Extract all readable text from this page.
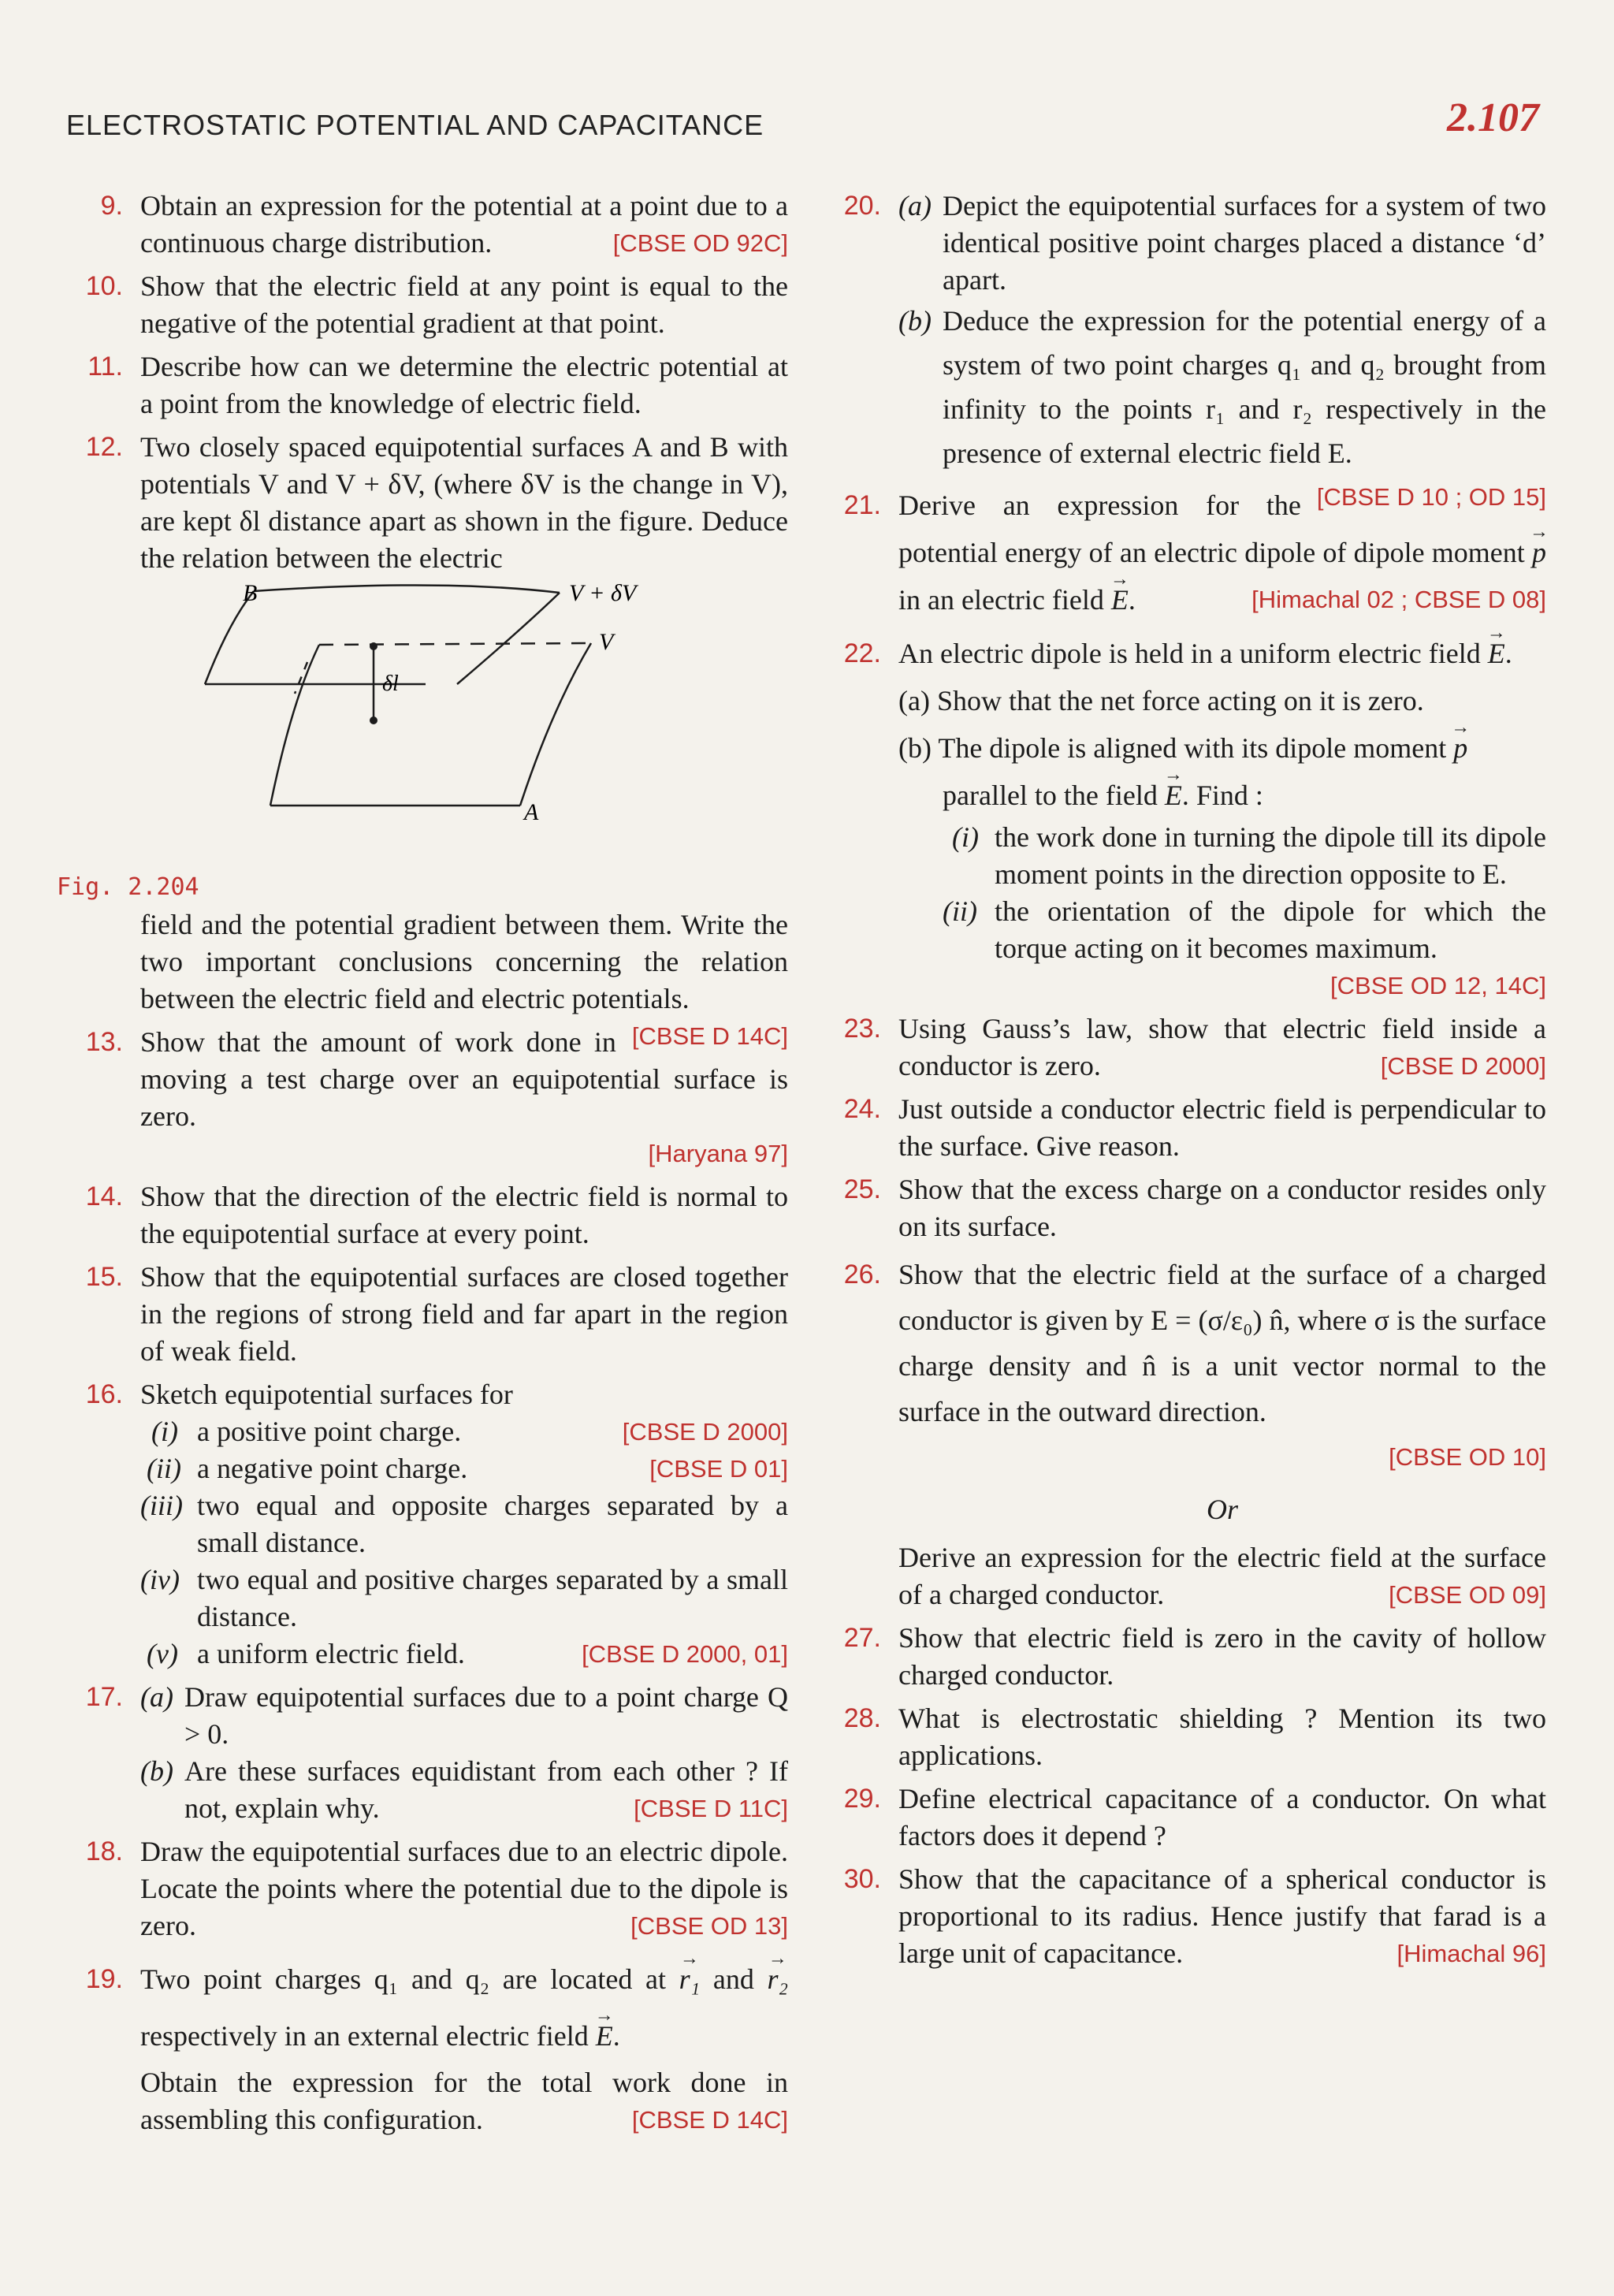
ELECTROSTATIC POTENTIAL AND CAPACITANCE	2.107
9. Obtain an expression for the potential at a point due to a continuous charge distribution.	[CBSE OD 92C]
10. Show that the electric field at any point is equal to the negative of the potential gradient at that point.
11. Describe how can we determine the electric potential at a point from the knowledge of electric field.
12. Two closely spaced equipotential surfaces A and B with potentials V and V + δV, (where δV is the change in V), are kept δl distance apart as shown in the figure. Deduce the relation between the electric
B
A
V + δV
V
δl
Fig. 2.204
field and the potential gradient between them. Write the two important conclusions concerning the relation between the electric field and electric potentials.
[CBSE D 14C]
13. Show that the amount of work done in moving a test charge over an equipotential surface is zero.
[Haryana 97]
14. Show that the direction of the electric field is normal to the equipotential surface at every point.
15. Show that the equipotential surfaces are closed together in the regions of strong field and far apart in the region of weak field.
16. Sketch equipotential surfaces for
(i) a positive point charge.	[CBSE D 2000]
(ii) a negative point charge.	[CBSE D 01]
(iii) two equal and opposite charges separated by a small distance.
(iv) two equal and positive charges separated by a small distance.
(v) a uniform electric field.	[CBSE D 2000, 01]
17. (a) Draw equipotential surfaces due to a point charge Q > 0.
(b) Are these surfaces equidistant from each other ? If not, explain why.	[CBSE D 11C]
18. Draw the equipotential surfaces due to an electric dipole. Locate the points where the potential due to the dipole is zero.	[CBSE OD 13]
19. Two point charges q₁ and q₂ are located at → r₁ and → r₂ respectively in an external electric field → E.
Obtain the expression for the total work done in assembling this configuration.	[CBSE D 14C]
20. (a) Depict the equipotential surfaces for a system of two identical positive point charges placed a distance ‘d’ apart.
(b) Deduce the expression for the potential energy of a system of two point charges q₁ and q₂ brought from infinity to the points r₁ and r₂ respectively in the presence of external electric field E.
[CBSE D 10 ; OD 15]
21. Derive an expression for the potential energy of an electric dipole of dipole moment → p in an electric field → E.	[Himachal 02 ; CBSE D 08]
22. An electric dipole is held in a uniform electric field → E.
(a) Show that the net force acting on it is zero.
(b) The dipole is aligned with its dipole moment → p
parallel to the field → E. Find :
(i) the work done in turning the dipole till its dipole moment points in the direction opposite to E.
(ii) the orientation of the dipole for which the torque acting on it becomes maximum.
[CBSE OD 12, 14C]
23. Using Gauss’s law, show that electric field inside a conductor is zero.	[CBSE D 2000]
24. Just outside a conductor electric field is perpendicular to the surface. Give reason.
25. Show that the excess charge on a conductor resides only on its surface.
26. Show that the electric field at the surface of a charged conductor is given by E = (σ/ε₀) n̂, where σ is the surface charge density and n̂ is a unit vector normal to the surface in the outward direction.
[CBSE OD 10]
Or
Derive an expression for the electric field at the surface of a charged conductor.	[CBSE OD 09]
27. Show that electric field is zero in the cavity of hollow charged conductor.
28. What is electrostatic shielding ? Mention its two applications.
29. Define electrical capacitance of a conductor. On what factors does it depend ?
30. Show that the capacitance of a spherical conductor is proportional to its radius. Hence justify that farad is a large unit of capacitance.	[Himachal 96]
